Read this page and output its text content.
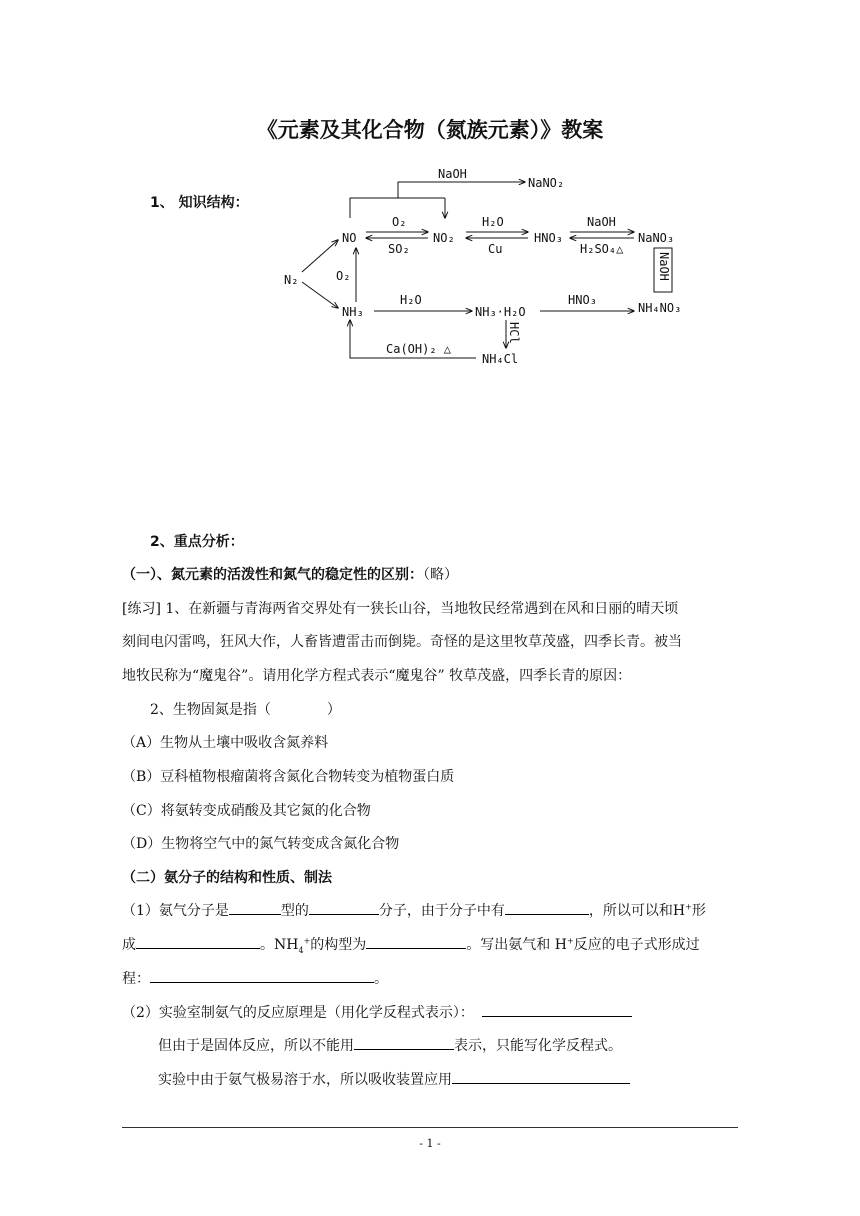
《元素及其化合物（氮族元素）》教案
1、 知识结构：
NaOH
NaNO₂
N₂
NO
O₂
SO₂
NO₂
H₂O
Cu
HNO₃
NaOH
H₂SO₄△
NaNO₃
NaOH
O₂
NH₃
H₂O
NH₃·H₂O
HNO₃
NH₄NO₃
HCl
NH₄Cl
Ca(OH)₂ △
2、重点分析：
（一）、氮元素的活泼性和氮气的稳定性的区别：（略）
[练习] 1、在新疆与青海两省交界处有一狭长山谷，当地牧民经常遇到在风和日丽的晴天顷
刻间电闪雷鸣，狂风大作，人畜皆遭雷击而倒毙。奇怪的是这里牧草茂盛，四季长青。被当
地牧民称为“魔鬼谷”。请用化学方程式表示“魔鬼谷” 牧草茂盛，四季长青的原因：
2、生物固氮是指（　　　　）
（A）生物从土壤中吸收含氮养料
（B）豆科植物根瘤菌将含氮化合物转变为植物蛋白质
（C）将氨转变成硝酸及其它氮的化合物
（D）生物将空气中的氮气转变成含氮化合物
（二）氨分子的结构和性质、制法
（1）氨气分子是	型的	分子，由于分子中有	，所以可以和H+形
成	。$NH_4^+$的构型为	。写出氨气和 H+反应的电子式形成过
程：	。
（2）实验室制氨气的反应原理是（用化学反程式表示）：
但由于是固体反应，所以不能用	表示，只能写化学反程式。
实验中由于氨气极易溶于水，所以吸收装置应用
- 1 -
